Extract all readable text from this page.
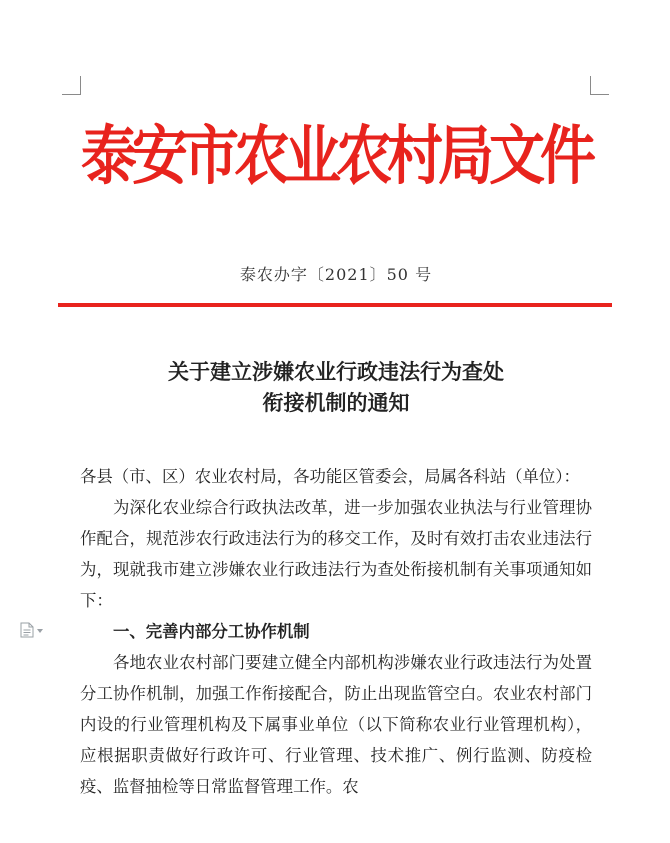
泰安市农业农村局文件
泰农办字〔2021〕50 号
关于建立涉嫌农业行政违法行为查处
衔接机制的通知

各县（市、区）农业农村局，各功能区管委会，局属各科站（单位）：

为深化农业综合行政执法改革，进一步加强农业执法与行业管理协作配合，规范涉农行政违法行为的移交工作，及时有效打击农业违法行为，现就我市建立涉嫌农业行政违法行为查处衔接机制有关事项通知如下：

一、完善内部分工协作机制

各地农业农村部门要建立健全内部机构涉嫌农业行政违法行为处置分工协作机制，加强工作衔接配合，防止出现监管空白。农业农村部门内设的行业管理机构及下属事业单位（以下简称农业行业管理机构），应根据职责做好行政许可、行业管理、技术推广、例行监测、防疫检疫、监督抽检等日常监督管理工作。农
